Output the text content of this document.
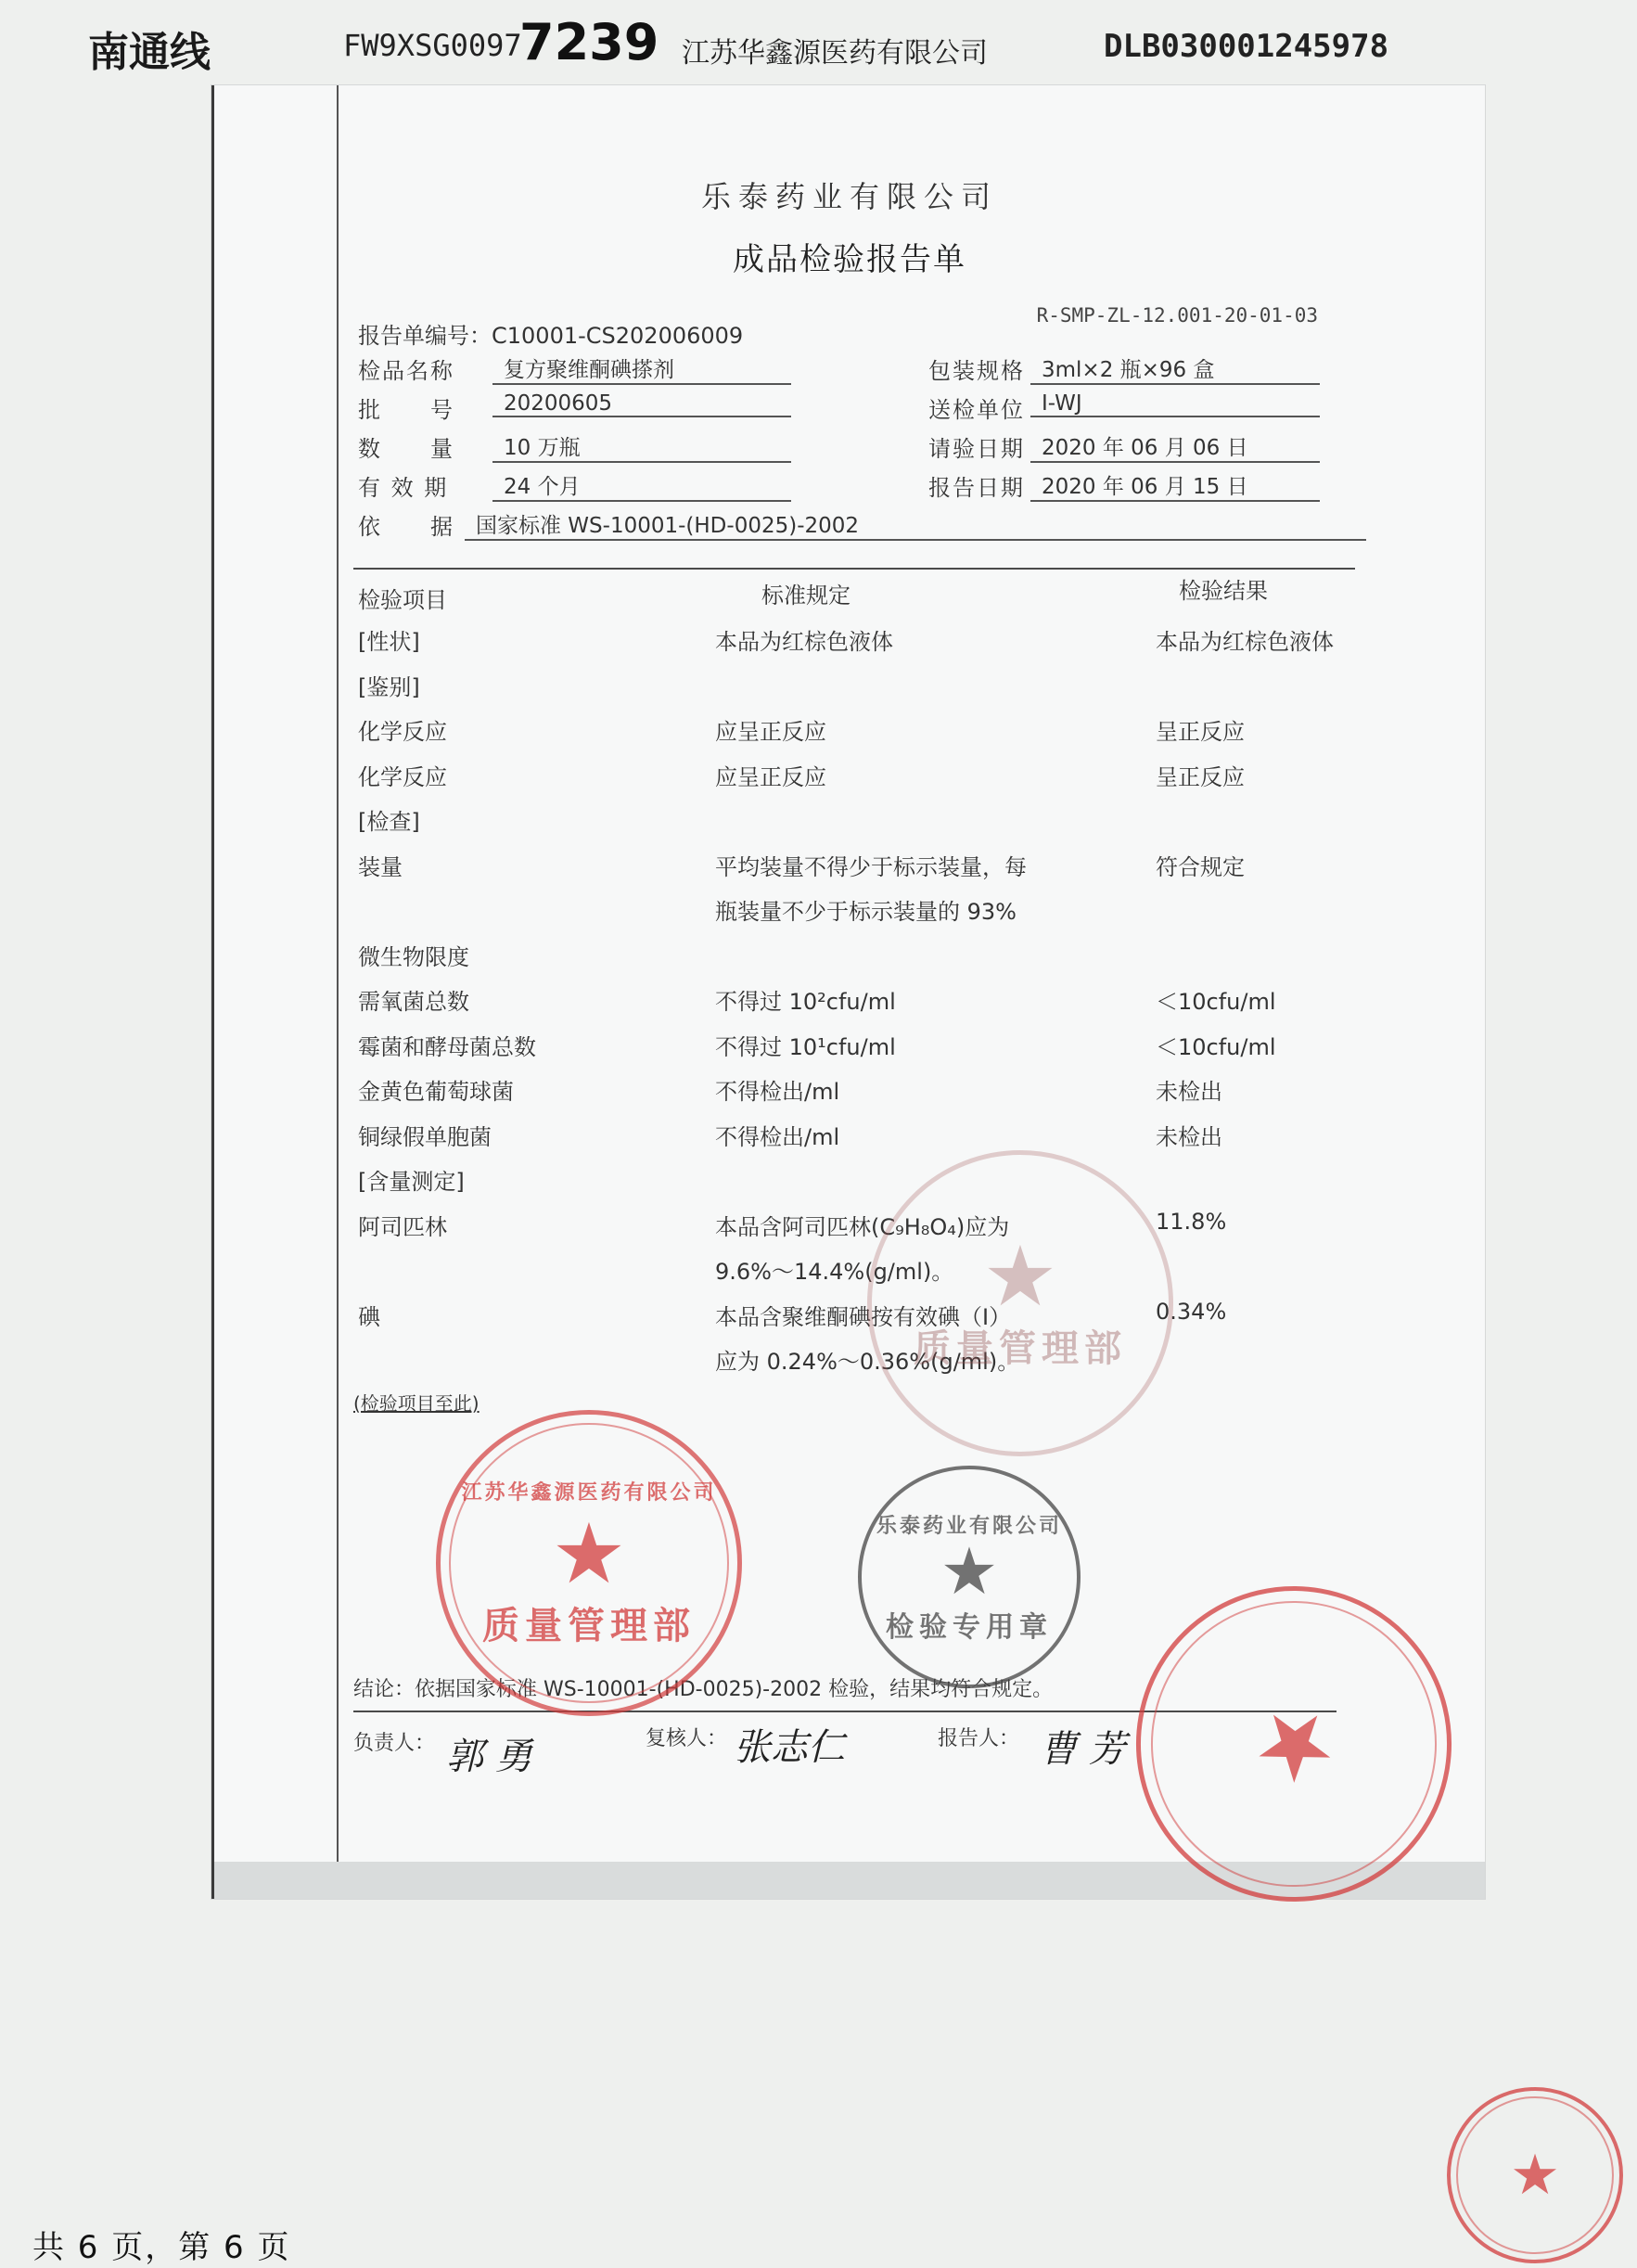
南通线	FW9XSG0097
7239 江苏华鑫源医药有限公司	DLB030001245978
乐泰药业有限公司
成品检验报告单
R-SMP-ZL-12.001-20-01-03
报告单编号：C10001-CS202006009
检品名称	复方聚维酮碘搽剂
批　　号	20200605
数　　量	10 万瓶
有 效 期	24 个月
依　　据	国家标准 WS-10001-(HD-0025)-2002
包装规格 3ml×2 瓶×96 盒
送检单位 Ⅰ-WJ
请验日期 2020 年 06 月 06 日
报告日期 2020 年 06 月 15 日
检验项目	标准规定	检验结果
[性状]	本品为红棕色液体	本品为红棕色液体
[鉴别]
化学反应	应呈正反应	呈正反应
化学反应	应呈正反应	呈正反应
[检查]
装量	平均装量不得少于标示装量，每	符合规定
瓶装量不少于标示装量的 93%
微生物限度
需氧菌总数	不得过 10²cfu/ml	＜10cfu/ml
霉菌和酵母菌总数	不得过 10¹cfu/ml	＜10cfu/ml
金黄色葡萄球菌	不得检出/ml	未检出
铜绿假单胞菌	不得检出/ml	未检出
[含量测定]
阿司匹林	本品含阿司匹林(C₉H₈O₄)应为	11.8%
9.6%～14.4%(g/ml)。
碘	本品含聚维酮碘按有效碘（I）	0.34%
应为 0.24%～0.36%(g/ml)。
(检验项目至此)
结论：依据国家标准 WS-10001-(HD-0025)-2002 检验，结果均符合规定。
负责人：	复核人：	报告人：
郭 勇	张志仁	曹 芳
江苏华鑫源医药有限公司
★
质量管理部
乐泰药业有限公司
★
检验专用章
★
质量管理部
★
★
共 6 页，第 6 页
